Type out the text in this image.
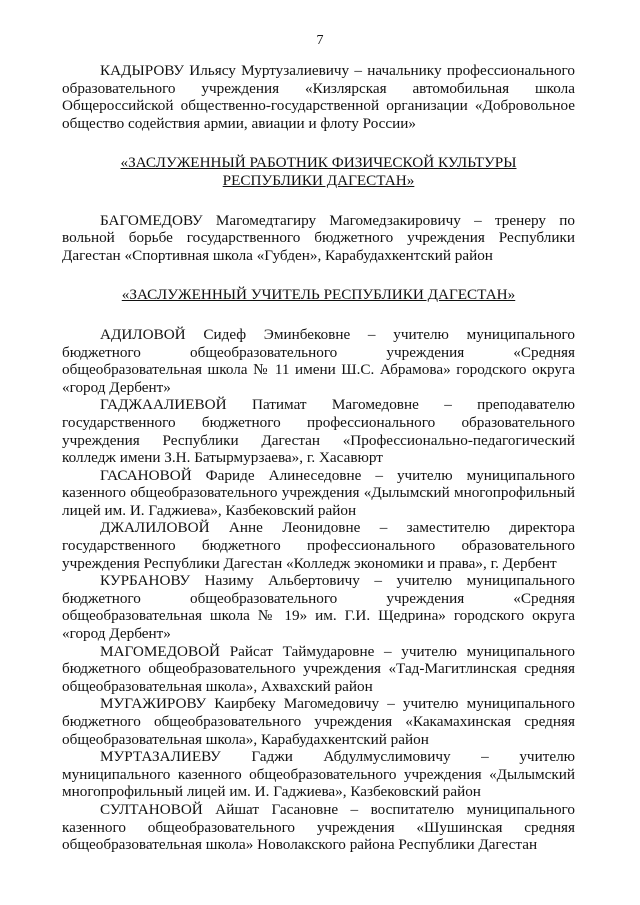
7

КАДЫРОВУ Ильясу Муртузалиевичу – начальнику профессионального образовательного учреждения «Кизлярская автомобильная школа Общероссийской общественно-государственной организации «Добровольное общество содействия армии, авиации и флоту России»

«ЗАСЛУЖЕННЫЙ РАБОТНИК ФИЗИЧЕСКОЙ КУЛЬТУРЫ
РЕСПУБЛИКИ ДАГЕСТАН»

БАГОМЕДОВУ Магомедтагиру Магомедзакировичу – тренеру по вольной борьбе государственного бюджетного учреждения Республики Дагестан «Спортивная школа «Губден», Карабудахкентский район

«ЗАСЛУЖЕННЫЙ УЧИТЕЛЬ РЕСПУБЛИКИ ДАГЕСТАН»

АДИЛОВОЙ Сидеф Эминбековне – учителю муниципального бюджетного общеобразовательного учреждения «Средняя общеобразовательная школа № 11 имени Ш.С. Абрамова» городского округа «город Дербент»

ГАДЖААЛИЕВОЙ Патимат Магомедовне – преподавателю государственного бюджетного профессионального образовательного учреждения Республики Дагестан «Профессионально-педагогический колледж имени З.Н. Батырмурзаева», г. Хасавюрт

ГАСАНОВОЙ Фариде Алинеседовне – учителю муниципального казенного общеобразовательного учреждения «Дылымский многопрофильный лицей им. И. Гаджиева», Казбековский район

ДЖАЛИЛОВОЙ Анне Леонидовне – заместителю директора государственного бюджетного профессионального образовательного учреждения Республики Дагестан «Колледж экономики и права», г. Дербент

КУРБАНОВУ Назиму Альбертовичу – учителю муниципального бюджетного общеобразовательного учреждения «Средняя общеобразовательная школа № 19» им. Г.И. Щедрина» городского округа «город Дербент»

МАГОМЕДОВОЙ Райсат Таймударовне – учителю муниципального бюджетного общеобразовательного учреждения «Тад-Магитлинская средняя общеобразовательная школа», Ахвахский район

МУГАЖИРОВУ Каирбеку Магомедовичу – учителю муниципального бюджетного общеобразовательного учреждения «Какамахинская средняя общеобразовательная школа», Карабудахкентский район

МУРТАЗАЛИЕВУ Гаджи Абдулмуслимовичу – учителю муниципального казенного общеобразовательного учреждения «Дылымский многопрофильный лицей им. И. Гаджиева», Казбековский район

СУЛТАНОВОЙ Айшат Гасановне – воспитателю муниципального казенного общеобразовательного учреждения «Шушинская средняя общеобразовательная школа» Новолакского района Республики Дагестан
